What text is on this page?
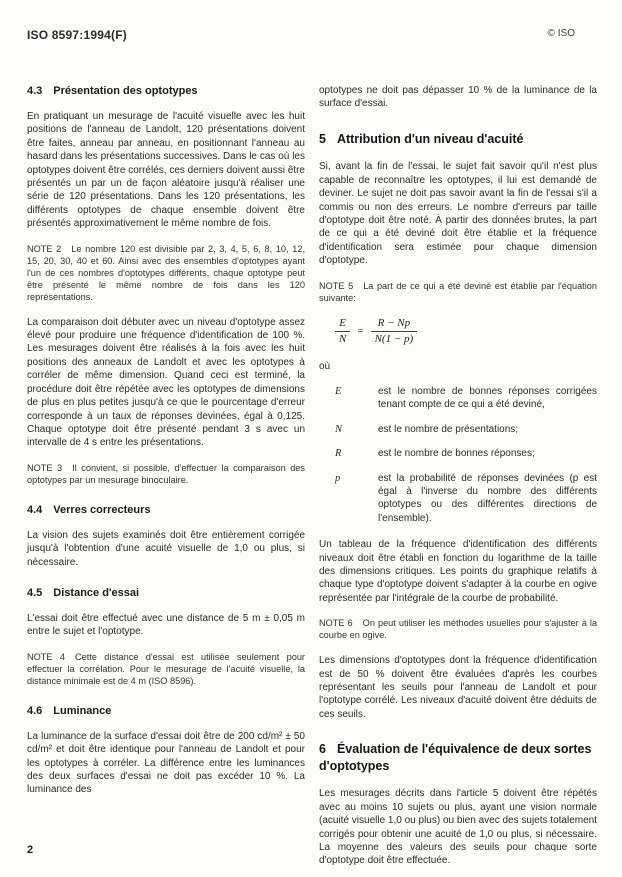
ISO 8597:1994(F)	© ISO
4.3 Présentation des optotypes

En pratiquant un mesurage de l'acuité visuelle avec les huit positions de l'anneau de Landolt, 120 présentations doivent être faites, anneau par anneau, en positionnant l'anneau au hasard dans les présentations successives. Dans le cas où les optotypes doivent être corrélés, ces derniers doivent aussi être présentés un par un de façon aléatoire jusqu'à réaliser une série de 120 présentations. Dans les 120 présentations, les différents optotypes de chaque ensemble doivent être présentés approximativement le même nombre de fois.

NOTE 2 Le nombre 120 est divisible par 2, 3, 4, 5, 6, 8, 10, 12, 15, 20, 30, 40 et 60. Ainsi avec des ensembles d'optotypes ayant l'un de ces nombres d'optotypes différents, chaque optotype peut être présenté le même nombre de fois dans les 120 représentations.

La comparaison doit débuter avec un niveau d'optotype assez élevé pour produire une fréquence d'identification de 100 %. Les mesurages doivent être réalisés à la fois avec les huit positions des anneaux de Landolt et avec les optotypes à corréler de même dimension. Quand ceci est terminé, la procédure doit être répétée avec les optotypes de dimensions de plus en plus petites jusqu'à ce que le pourcentage d'erreur corresponde à un taux de réponses devinées, égal à 0,125. Chaque optotype doit être présenté pendant 3 s avec un intervalle de 4 s entre les présentations.

NOTE 3 Il convient, si possible, d'effectuer la comparaison des optotypes par un mesurage binoculaire.
4.4 Verres correcteurs

La vision des sujets examinés doit être entièrement corrigée jusqu'à l'obtention d'une acuité visuelle de 1,0 ou plus, si nécessaire.

4.5 Distance d'essai

L'essai doit être effectué avec une distance de 5 m ± 0,05 m entre le sujet et l'optotype.

NOTE 4 Cette distance d'essai est utilisée seulement pour effectuer la corrélation. Pour le mesurage de l'acuité visuelle, la distance minimale est de 4 m (ISO 8596).
4.6 Luminance

La luminance de la surface d'essai doit être de 200 cd/m² ± 50 cd/m² et doit être identique pour l'anneau de Landolt et pour les optotypes à corréler. La différence entre les luminances des deux surfaces d'essai ne doit pas excéder 10 %. La luminance des

optotypes ne doit pas dépasser 10 % de la luminance de la surface d'essai.

5 Attribution d'un niveau d'acuité

Si, avant la fin de l'essai, le sujet fait savoir qu'il n'est plus capable de reconnaître les optotypes, il lui est demandé de deviner. Le sujet ne doit pas savoir avant la fin de l'essai s'il a commis ou non des erreurs. Le nombre d'erreurs par taille d'optotype doit être noté. À partir des données brutes, la part de ce qui a été deviné doit être établie et la fréquence d'identification sera estimée pour chaque dimension d'optotype.

NOTE 5 La part de ce qui a été deviné est établie par l'équation suivante:
$\frac{E}{N} = \frac{R - Np}{N(1 - p)}$
où
E	est le nombre de bonnes réponses corrigées tenant compte de ce qui a été deviné,
N	est le nombre de présentations;
R	est le nombre de bonnes réponses;
p	est la probabilité de réponses devinées (p est égal à l'inverse du nombre des différents optotypes ou des différentes directions de l'ensemble).

Un tableau de la fréquence d'identification des différents niveaux doit être établi en fonction du logarithme de la taille des dimensions critiques. Les points du graphique relatifs à chaque type d'optotype doivent s'adapter à la courbe en ogive représentée par l'intégrale de la courbe de probabilité.

NOTE 6 On peut utiliser les méthodes usuelles pour s'ajuster à la courbe en ogive.

Les dimensions d'optotypes dont la fréquence d'identification est de 50 % doivent être évaluées d'après les courbes représentant les seuils pour l'anneau de Landolt et pour l'optotype corrélé. Les niveaux d'acuité doivent être déduits de ces seuils.

6 Évaluation de l'équivalence de deux sortes d'optotypes

Les mesurages décrits dans l'article 5 doivent être répétés avec au moins 10 sujets ou plus, ayant une vision normale (acuité visuelle 1,0 ou plus) ou bien avec des sujets totalement corrigés pour obtenir une acuité de 1,0 ou plus, si nécessaire. La moyenne des valeurs des seuils pour chaque sorte d'optotype doit être effectuée.

2
